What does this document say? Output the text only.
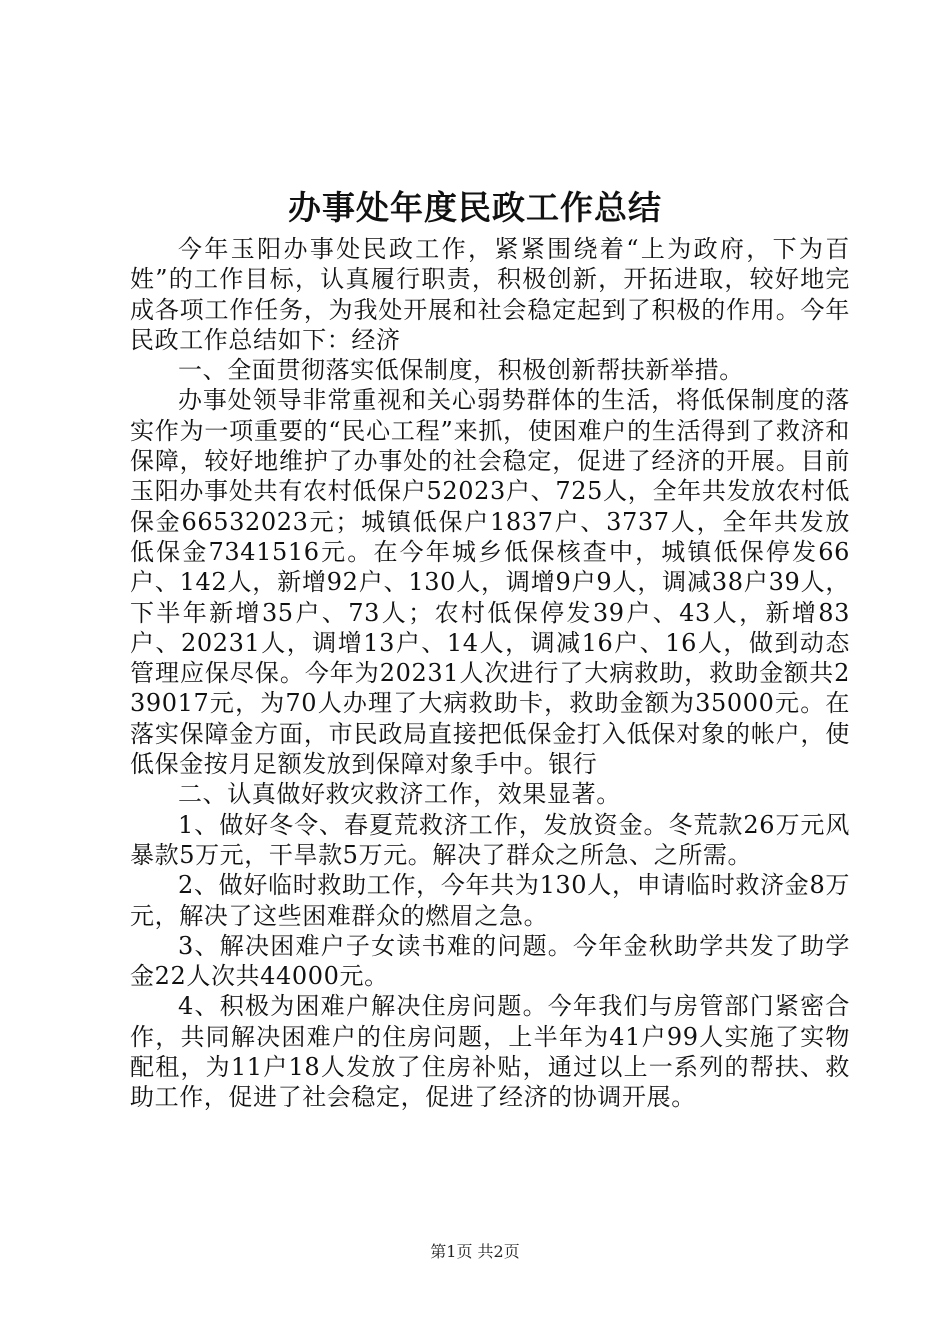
办事处年度民政工作总结

今年玉阳办事处民政工作，紧紧围绕着“上为政府，下为百姓”的工作目标，认真履行职责，积极创新，开拓进取，较好地完成各项工作任务，为我处开展和社会稳定起到了积极的作用。今年民政工作总结如下：经济

一、全面贯彻落实低保制度，积极创新帮扶新举措。

办事处领导非常重视和关心弱势群体的生活，将低保制度的落实作为一项重要的“民心工程”来抓，使困难户的生活得到了救济和保障，较好地维护了办事处的社会稳定，促进了经济的开展。目前玉阳办事处共有农村低保户52023户、725人，全年共发放农村低保金66532023元；城镇低保户1837户、3737人，全年共发放低保金7341516元。在今年城乡低保核查中，城镇低保停发66户、142人，新增92户、130人，调增9户9人，调减38户39人，下半年新增35户、73人；农村低保停发39户、43人，新增83户、20231人，调增13户、14人，调减16户、16人，做到动态管理应保尽保。今年为20231人次进行了大病救助，救助金额共239017元，为70人办理了大病救助卡，救助金额为35000元。在落实保障金方面，市民政局直接把低保金打入低保对象的帐户，使低保金按月足额发放到保障对象手中。银行

二、认真做好救灾救济工作，效果显著。

1、做好冬令、春夏荒救济工作，发放资金。冬荒款26万元风暴款5万元，干旱款5万元。解决了群众之所急、之所需。

2、做好临时救助工作，今年共为130人，申请临时救济金8万元，解决了这些困难群众的燃眉之急。

3、解决困难户子女读书难的问题。今年金秋助学共发了助学金22人次共44000元。

4、积极为困难户解决住房问题。今年我们与房管部门紧密合作，共同解决困难户的住房问题，上半年为41户99人实施了实物配租，为11户18人发放了住房补贴，通过以上一系列的帮扶、救助工作，促进了社会稳定，促进了经济的协调开展。

第1页 共2页
